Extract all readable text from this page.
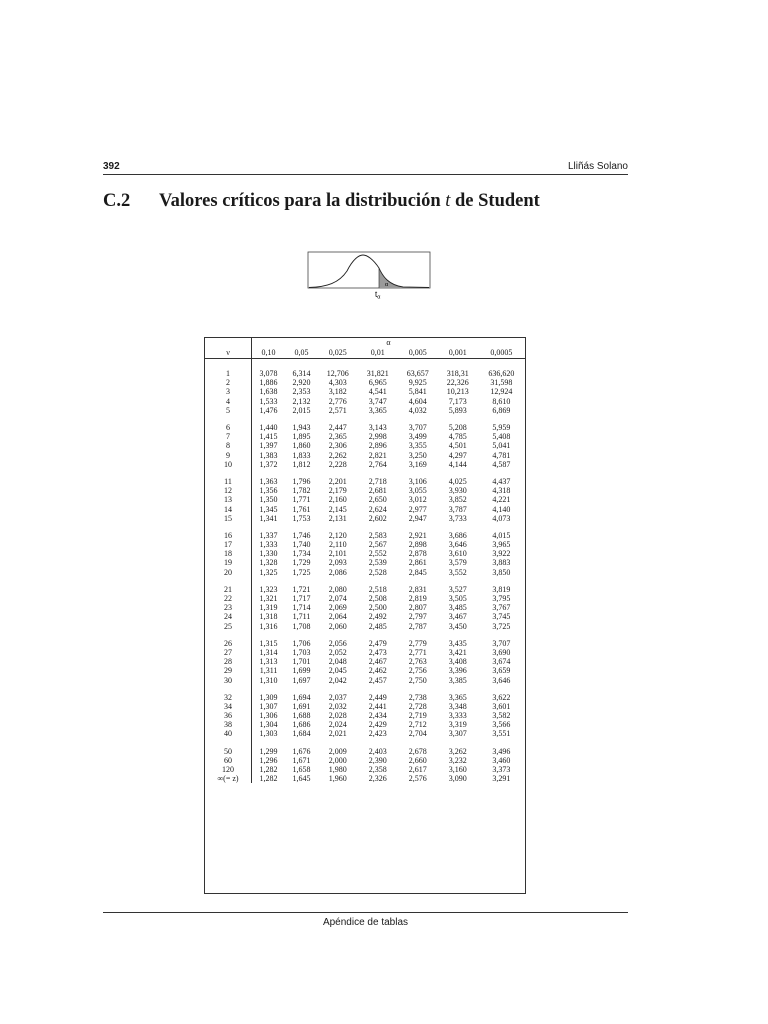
392	Lliñás Solano
C.2 Valores críticos para la distribución t de Student
α
tα
	α						
ν	0,10	0,05	0,025	0,01	0,005	0,001	0,0005

1	3,078	6,314	12,706	31,821	63,657	318,31	636,620
2	1,886	2,920	4,303	6,965	9,925	22,326	31,598
3	1,638	2,353	3,182	4,541	5,841	10,213	12,924
4	1,533	2,132	2,776	3,747	4,604	7,173	8,610
5	1,476	2,015	2,571	3,365	4,032	5,893	6,869

6	1,440	1,943	2,447	3,143	3,707	5,208	5,959
7	1,415	1,895	2,365	2,998	3,499	4,785	5,408
8	1,397	1,860	2,306	2,896	3,355	4,501	5,041
9	1,383	1,833	2,262	2,821	3,250	4,297	4,781
10	1,372	1,812	2,228	2,764	3,169	4,144	4,587

11	1,363	1,796	2,201	2,718	3,106	4,025	4,437
12	1,356	1,782	2,179	2,681	3,055	3,930	4,318
13	1,350	1,771	2,160	2,650	3,012	3,852	4,221
14	1,345	1,761	2,145	2,624	2,977	3,787	4,140
15	1,341	1,753	2,131	2,602	2,947	3,733	4,073

16	1,337	1,746	2,120	2,583	2,921	3,686	4,015
17	1,333	1,740	2,110	2,567	2,898	3,646	3,965
18	1,330	1,734	2,101	2,552	2,878	3,610	3,922
19	1,328	1,729	2,093	2,539	2,861	3,579	3,883
20	1,325	1,725	2,086	2,528	2,845	3,552	3,850

21	1,323	1,721	2,080	2,518	2,831	3,527	3,819
22	1,321	1,717	2,074	2,508	2,819	3,505	3,795
23	1,319	1,714	2,069	2,500	2,807	3,485	3,767
24	1,318	1,711	2,064	2,492	2,797	3,467	3,745
25	1,316	1,708	2,060	2,485	2,787	3,450	3,725

26	1,315	1,706	2,056	2,479	2,779	3,435	3,707
27	1,314	1,703	2,052	2,473	2,771	3,421	3,690
28	1,313	1,701	2,048	2,467	2,763	3,408	3,674
29	1,311	1,699	2,045	2,462	2,756	3,396	3,659
30	1,310	1,697	2,042	2,457	2,750	3,385	3,646

32	1,309	1,694	2,037	2,449	2,738	3,365	3,622
34	1,307	1,691	2,032	2,441	2,728	3,348	3,601
36	1,306	1,688	2,028	2,434	2,719	3,333	3,582
38	1,304	1,686	2,024	2,429	2,712	3,319	3,566
40	1,303	1,684	2,021	2,423	2,704	3,307	3,551

50	1,299	1,676	2,009	2,403	2,678	3,262	3,496
60	1,296	1,671	2,000	2,390	2,660	3,232	3,460
120	1,282	1,658	1,980	2,358	2,617	3,160	3,373
∞(= z)	1,282	1,645	1,960	2,326	2,576	3,090	3,291
Apéndice de tablas
